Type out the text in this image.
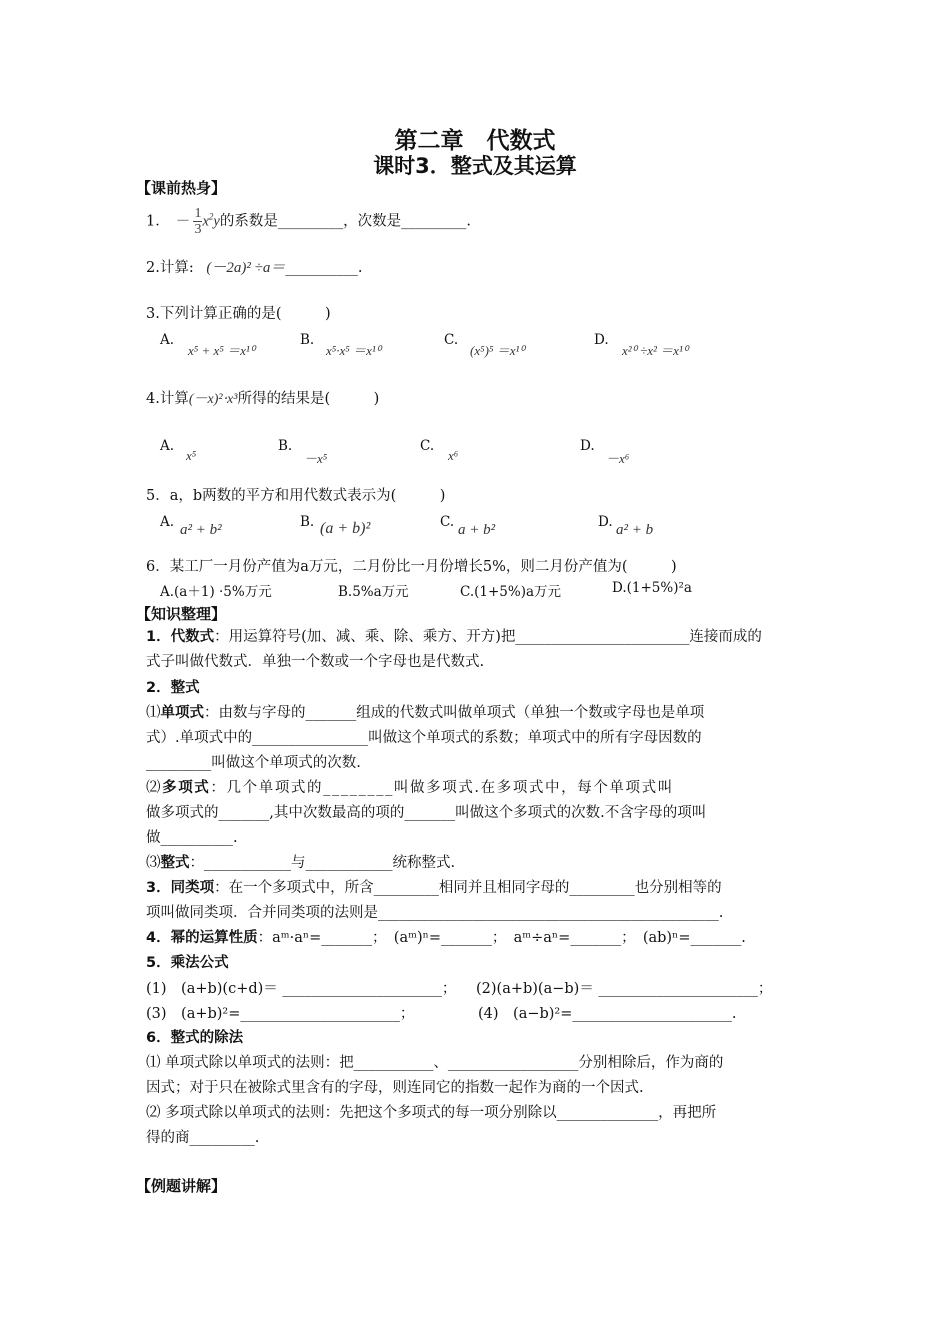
第二章　代数式
课时3．整式及其运算
【课前热身】
1． － $\frac{1}{3} x^2y$的系数是_________，次数是_________.
2.计算: (－2a)² ÷a＝__________.
3.下列计算正确的是(　　　)
A.
x⁵ + x⁵ ＝x¹⁰
B.
x⁵·x⁵ ＝x¹⁰
C.
(x⁵)⁵ ＝x¹⁰
D.
x²⁰ ÷x² ＝x¹⁰
4.计算(－x)²⋅x³所得的结果是(　　　)
A.
x⁵
B.
－x⁵
C.
x⁶
D.
－x⁶
5．a，b两数的平方和用代数式表示为(　　　)
A. a² + b²	B. (a + b)²	C. a + b²	D. a² + b
6．某工厂一月份产值为a万元，二月份比一月份增长5%，则二月份产值为(　　　)
A.(a＋1) ·5%万元	B.5%a万元	C.(1+5%)a万元	D.(1+5%)²a
【知识整理】
1．代数式：用运算符号(加、减、乘、除、乘方、开方)把________________________连接而成的
式子叫做代数式．单独一个数或一个字母也是代数式.
2．整式
⑴单项式：由数与字母的_______组成的代数式叫做单项式（单独一个数或字母也是单项
式）.单项式中的________________叫做这个单项式的系数；单项式中的所有字母因数的
_________叫做这个单项式的次数.
⑵多项式：几个单项式的________叫做多项式.在多项式中，每个单项式叫
做多项式的_______,其中次数最高的项的_______叫做这个多项式的次数.不含字母的项叫
做__________.
⑶整式：____________与____________统称整式.
3．同类项：在一个多项式中，所含_________相同并且相同字母的_________也分别相等的
项叫做同类项．合并同类项的法则是_______________________________________________.
4．幂的运算性质：aᵐ·aⁿ=_______；　(aᵐ)ⁿ=_______；　aᵐ÷aⁿ=_______；　(ab)ⁿ=_______.
5．乘法公式
(1)　(a+b)(c+d)＝ ______________________； (2)(a+b)(a−b)＝ ______________________；
(3)　(a+b)²=______________________；	(4)　(a−b)²=______________________.
6．整式的除法
⑴ 单项式除以单项式的法则：把___________、__________________分别相除后，作为商的
因式；对于只在被除式里含有的字母，则连同它的指数一起作为商的一个因式.
⑵ 多项式除以单项式的法则：先把这个多项式的每一项分别除以______________，再把所
得的商_________.
【例题讲解】
